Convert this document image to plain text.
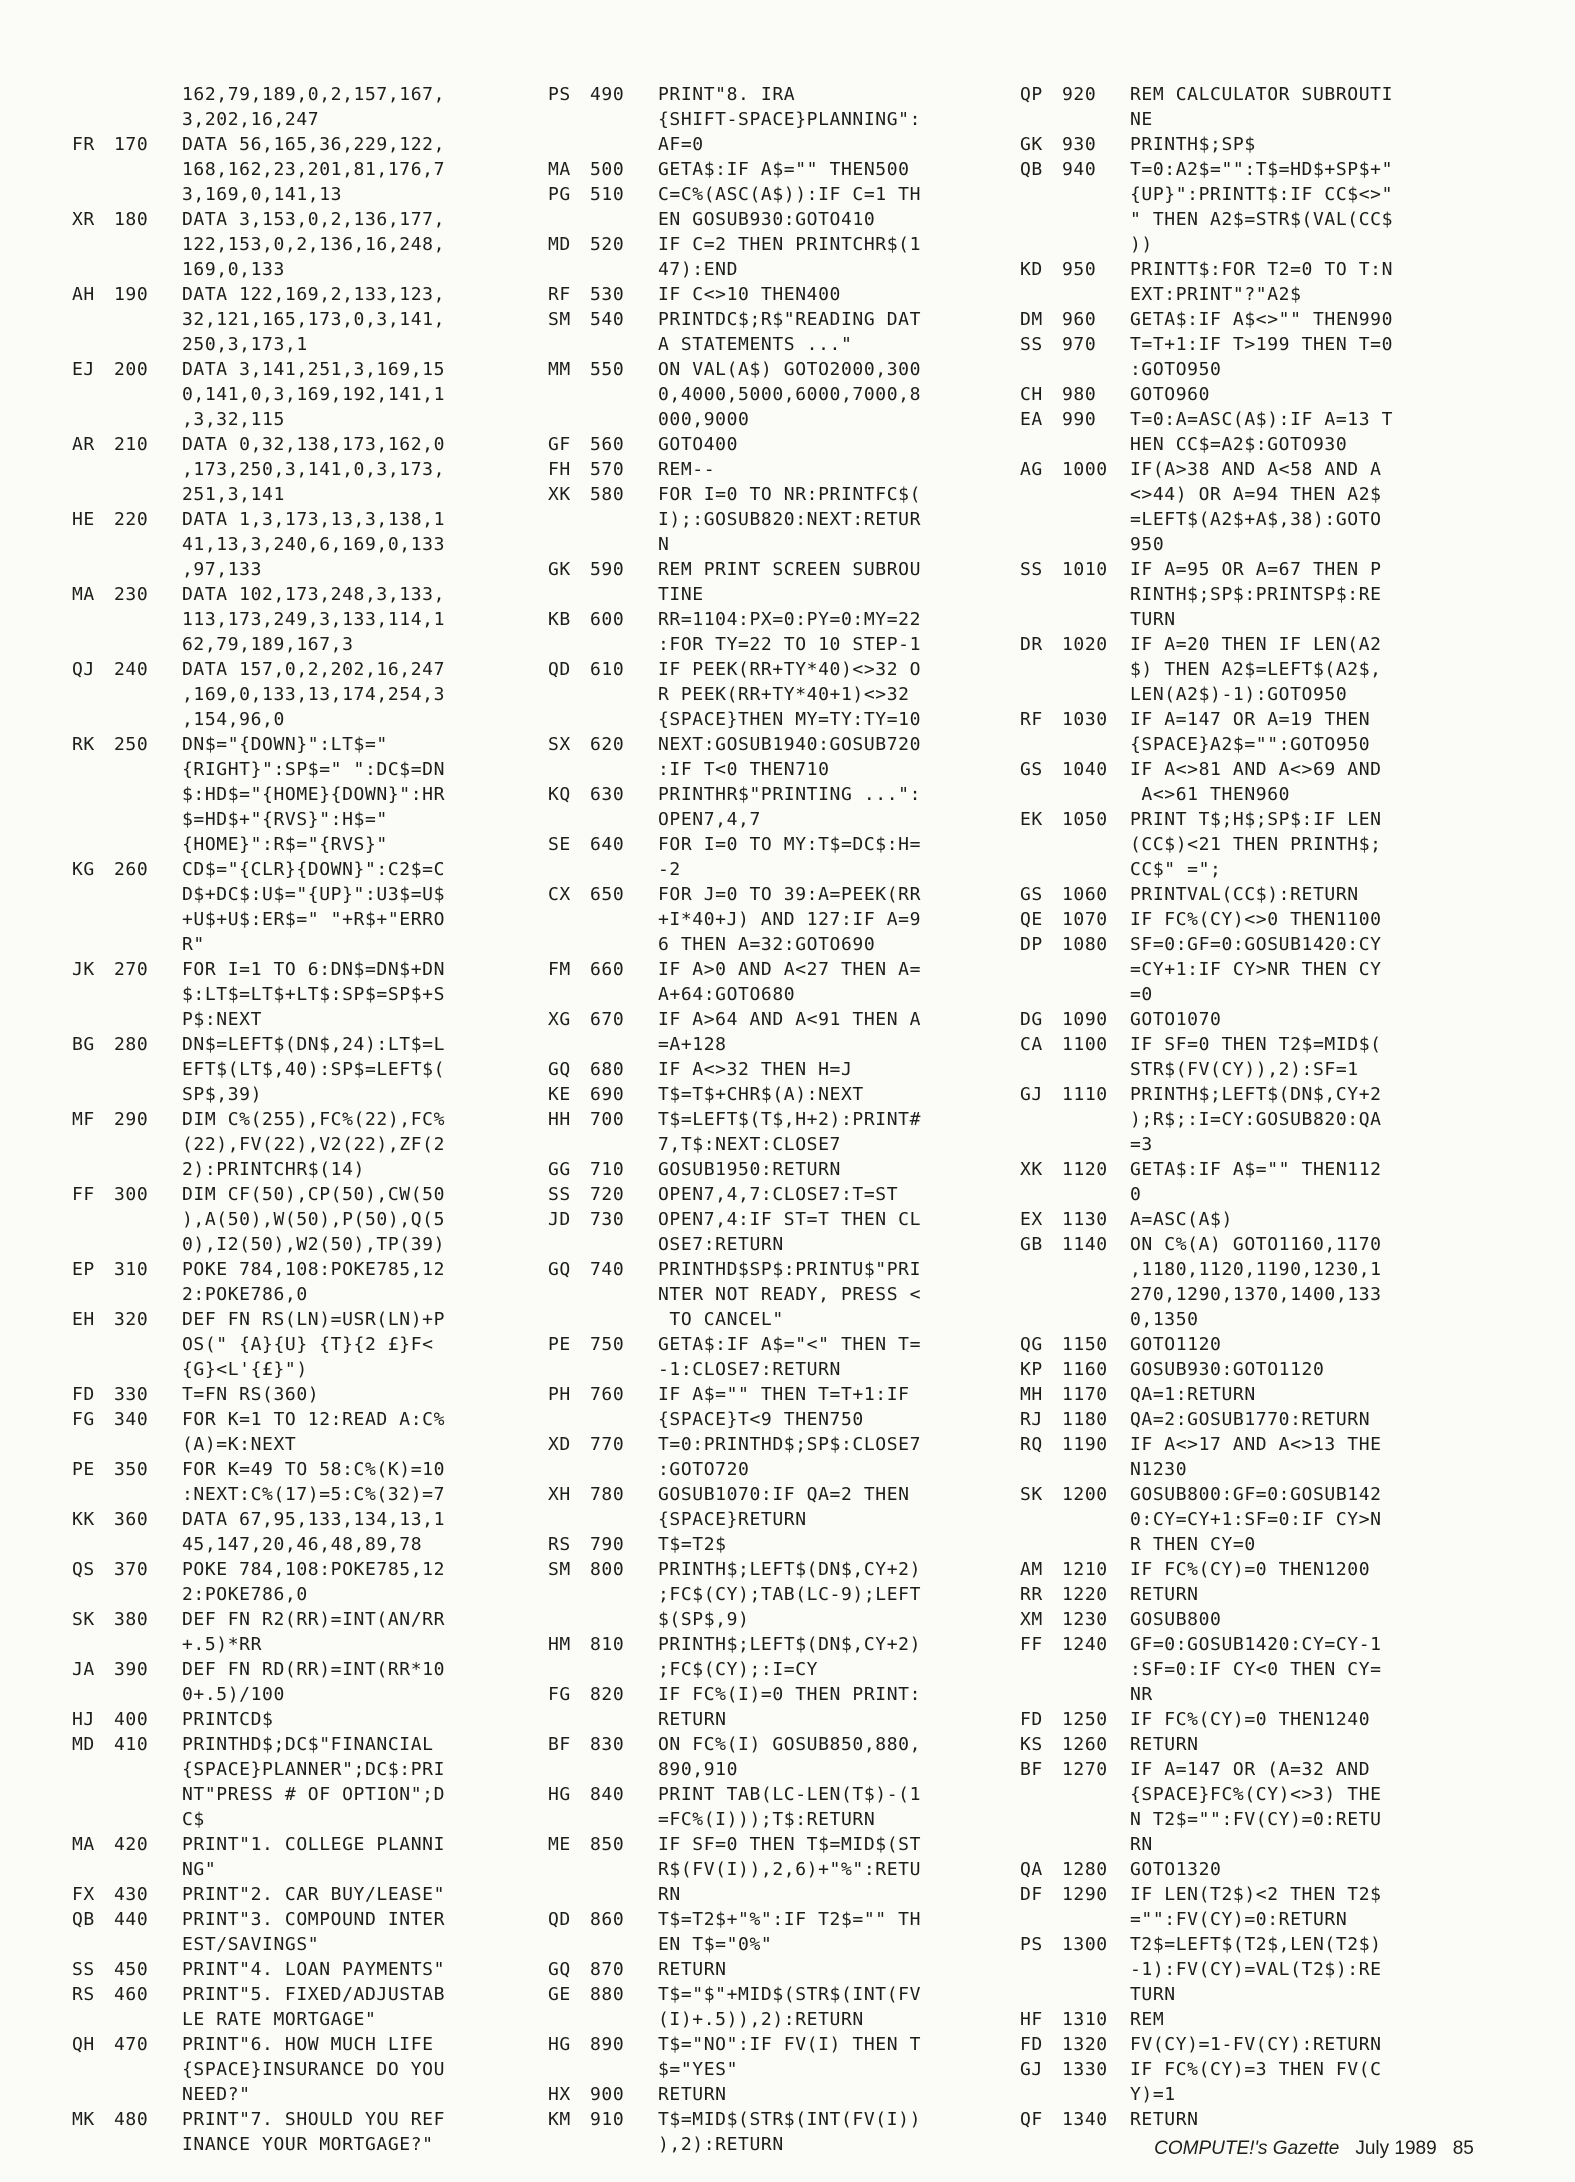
162,79,189,0,2,157,167,
3,202,16,247
FR	170	DATA 56,165,36,229,122,
168,162,23,201,81,176,7
3,169,0,141,13
XR	180	DATA 3,153,0,2,136,177,
122,153,0,2,136,16,248,
169,0,133
AH	190	DATA 122,169,2,133,123,
32,121,165,173,0,3,141,
250,3,173,1
EJ	200	DATA 3,141,251,3,169,15
0,141,0,3,169,192,141,1
,3,32,115
AR	210	DATA 0,32,138,173,162,0
,173,250,3,141,0,3,173,
251,3,141
HE	220	DATA 1,3,173,13,3,138,1
41,13,3,240,6,169,0,133
,97,133
MA	230	DATA 102,173,248,3,133,
113,173,249,3,133,114,1
62,79,189,167,3
QJ	240	DATA 157,0,2,202,16,247
,169,0,133,13,174,254,3
,154,96,0
RK	250	DN$="{DOWN}":LT$="
{RIGHT}":SP$=" ":DC$=DN
$:HD$="{HOME}{DOWN}":HR
$=HD$+"{RVS}":H$="
{HOME}":R$="{RVS}"
KG	260	CD$="{CLR}{DOWN}":C2$=C
D$+DC$:U$="{UP}":U3$=U$
+U$+U$:ER$=" "+R$+"ERRO
R"
JK	270	FOR I=1 TO 6:DN$=DN$+DN
$:LT$=LT$+LT$:SP$=SP$+S
P$:NEXT
BG	280	DN$=LEFT$(DN$,24):LT$=L
EFT$(LT$,40):SP$=LEFT$(
SP$,39)
MF	290	DIM C%(255),FC%(22),FC%
(22),FV(22),V2(22),ZF(2
2):PRINTCHR$(14)
FF	300	DIM CF(50),CP(50),CW(50
),A(50),W(50),P(50),Q(5
0),I2(50),W2(50),TP(39)
EP	310	POKE 784,108:POKE785,12
2:POKE786,0
EH	320	DEF FN RS(LN)=USR(LN)+P
OS(" {A}{U} {T}{2 £}F<
{G}<L'{£}")
FD	330	T=FN RS(360)
FG	340	FOR K=1 TO 12:READ A:C%
(A)=K:NEXT
PE	350	FOR K=49 TO 58:C%(K)=10
:NEXT:C%(17)=5:C%(32)=7
KK	360	DATA 67,95,133,134,13,1
45,147,20,46,48,89,78
QS	370	POKE 784,108:POKE785,12
2:POKE786,0
SK	380	DEF FN R2(RR)=INT(AN/RR
+.5)*RR
JA	390	DEF FN RD(RR)=INT(RR*10
0+.5)/100
HJ	400	PRINTCD$
MD	410	PRINTHD$;DC$"FINANCIAL
{SPACE}PLANNER";DC$:PRI
NT"PRESS # OF OPTION";D
C$
MA	420	PRINT"1. COLLEGE PLANNI
NG"
FX	430	PRINT"2. CAR BUY/LEASE"
QB	440	PRINT"3. COMPOUND INTER
EST/SAVINGS"
SS	450	PRINT"4. LOAN PAYMENTS"
RS	460	PRINT"5. FIXED/ADJUSTAB
LE RATE MORTGAGE"
QH	470	PRINT"6. HOW MUCH LIFE
{SPACE}INSURANCE DO YOU
NEED?"
MK	480	PRINT"7. SHOULD YOU REF
INANCE YOUR MORTGAGE?"
PS	490	PRINT"8. IRA
{SHIFT-SPACE}PLANNING":
AF=0
MA	500	GETA$:IF A$="" THEN500
PG	510	C=C%(ASC(A$)):IF C=1 TH
EN GOSUB930:GOTO410
MD	520	IF C=2 THEN PRINTCHR$(1
47):END
RF	530	IF C<>10 THEN400
SM	540	PRINTDC$;R$"READING DAT
A STATEMENTS ..."
MM	550	ON VAL(A$) GOTO2000,300
0,4000,5000,6000,7000,8
000,9000
GF	560	GOTO400
FH	570	REM--
XK	580	FOR I=0 TO NR:PRINTFC$(
I);:GOSUB820:NEXT:RETUR
N
GK	590	REM PRINT SCREEN SUBROU
TINE
KB	600	RR=1104:PX=0:PY=0:MY=22
:FOR TY=22 TO 10 STEP-1
QD	610	IF PEEK(RR+TY*40)<>32 O
R PEEK(RR+TY*40+1)<>32
{SPACE}THEN MY=TY:TY=10
SX	620	NEXT:GOSUB1940:GOSUB720
:IF T<0 THEN710
KQ	630	PRINTHR$"PRINTING ...":
OPEN7,4,7
SE	640	FOR I=0 TO MY:T$=DC$:H=
-2
CX	650	FOR J=0 TO 39:A=PEEK(RR
+I*40+J) AND 127:IF A=9
6 THEN A=32:GOTO690
FM	660	IF A>0 AND A<27 THEN A=
A+64:GOTO680
XG	670	IF A>64 AND A<91 THEN A
=A+128
GQ	680	IF A<>32 THEN H=J
KE	690	T$=T$+CHR$(A):NEXT
HH	700	T$=LEFT$(T$,H+2):PRINT#
7,T$:NEXT:CLOSE7
GG	710	GOSUB1950:RETURN
SS	720	OPEN7,4,7:CLOSE7:T=ST
JD	730	OPEN7,4:IF ST=T THEN CL
OSE7:RETURN
GQ	740	PRINTHD$SP$:PRINTU$"PRI
NTER NOT READY, PRESS <
TO CANCEL"
PE	750	GETA$:IF A$="<" THEN T=
-1:CLOSE7:RETURN
PH	760	IF A$="" THEN T=T+1:IF
{SPACE}T<9 THEN750
XD	770	T=0:PRINTHD$;SP$:CLOSE7
:GOTO720
XH	780	GOSUB1070:IF QA=2 THEN
{SPACE}RETURN
RS	790	T$=T2$
SM	800	PRINTH$;LEFT$(DN$,CY+2)
;FC$(CY);TAB(LC-9);LEFT
$(SP$,9)
HM	810	PRINTH$;LEFT$(DN$,CY+2)
;FC$(CY);:I=CY
FG	820	IF FC%(I)=0 THEN PRINT:
RETURN
BF	830	ON FC%(I) GOSUB850,880,
890,910
HG	840	PRINT TAB(LC-LEN(T$)-(1
=FC%(I)));T$:RETURN
ME	850	IF SF=0 THEN T$=MID$(ST
R$(FV(I)),2,6)+"%":RETU
RN
QD	860	T$=T2$+"%":IF T2$="" TH
EN T$="0%"
GQ	870	RETURN
GE	880	T$="$"+MID$(STR$(INT(FV
(I)+.5)),2):RETURN
HG	890	T$="NO":IF FV(I) THEN T
$="YES"
HX	900	RETURN
KM	910	T$=MID$(STR$(INT(FV(I))
),2):RETURN
QP	920	REM CALCULATOR SUBROUTI
NE
GK	930	PRINTH$;SP$
QB	940	T=0:A2$="":T$=HD$+SP$+"
{UP}":PRINTT$:IF CC$<>"
" THEN A2$=STR$(VAL(CC$
))
KD	950	PRINTT$:FOR T2=0 TO T:N
EXT:PRINT"?"A2$
DM	960	GETA$:IF A$<>"" THEN990
SS	970	T=T+1:IF T>199 THEN T=0
:GOTO950
CH	980	GOTO960
EA	990	T=0:A=ASC(A$):IF A=13 T
HEN CC$=A2$:GOTO930
AG	1000	IF(A>38 AND A<58 AND A
<>44) OR A=94 THEN A2$
=LEFT$(A2$+A$,38):GOTO
950
SS	1010	IF A=95 OR A=67 THEN P
RINTH$;SP$:PRINTSP$:RE
TURN
DR	1020	IF A=20 THEN IF LEN(A2
$) THEN A2$=LEFT$(A2$,
LEN(A2$)-1):GOTO950
RF	1030	IF A=147 OR A=19 THEN
{SPACE}A2$="":GOTO950
GS	1040	IF A<>81 AND A<>69 AND
A<>61 THEN960
EK	1050	PRINT T$;H$;SP$:IF LEN
(CC$)<21 THEN PRINTH$;
CC$" =";
GS	1060	PRINTVAL(CC$):RETURN
QE	1070	IF FC%(CY)<>0 THEN1100
DP	1080	SF=0:GF=0:GOSUB1420:CY
=CY+1:IF CY>NR THEN CY
=0
DG	1090	GOTO1070
CA	1100	IF SF=0 THEN T2$=MID$(
STR$(FV(CY)),2):SF=1
GJ	1110	PRINTH$;LEFT$(DN$,CY+2
);R$;:I=CY:GOSUB820:QA
=3
XK	1120	GETA$:IF A$="" THEN112
0
EX	1130	A=ASC(A$)
GB	1140	ON C%(A) GOTO1160,1170
,1180,1120,1190,1230,1
270,1290,1370,1400,133
0,1350
QG	1150	GOTO1120
KP	1160	GOSUB930:GOTO1120
MH	1170	QA=1:RETURN
RJ	1180	QA=2:GOSUB1770:RETURN
RQ	1190	IF A<>17 AND A<>13 THE
N1230
SK	1200	GOSUB800:GF=0:GOSUB142
0:CY=CY+1:SF=0:IF CY>N
R THEN CY=0
AM	1210	IF FC%(CY)=0 THEN1200
RR	1220	RETURN
XM	1230	GOSUB800
FF	1240	GF=0:GOSUB1420:CY=CY-1
:SF=0:IF CY<0 THEN CY=
NR
FD	1250	IF FC%(CY)=0 THEN1240
KS	1260	RETURN
BF	1270	IF A=147 OR (A=32 AND
{SPACE}FC%(CY)<>3) THE
N T2$="":FV(CY)=0:RETU
RN
QA	1280	GOTO1320
DF	1290	IF LEN(T2$)<2 THEN T2$
="":FV(CY)=0:RETURN
PS	1300	T2$=LEFT$(T2$,LEN(T2$)
-1):FV(CY)=VAL(T2$):RE
TURN
HF	1310	REM
FD	1320	FV(CY)=1-FV(CY):RETURN
GJ	1330	IF FC%(CY)=3 THEN FV(C
Y)=1
QF	1340	RETURN

COMPUTE!'s Gazette July 1989 85
